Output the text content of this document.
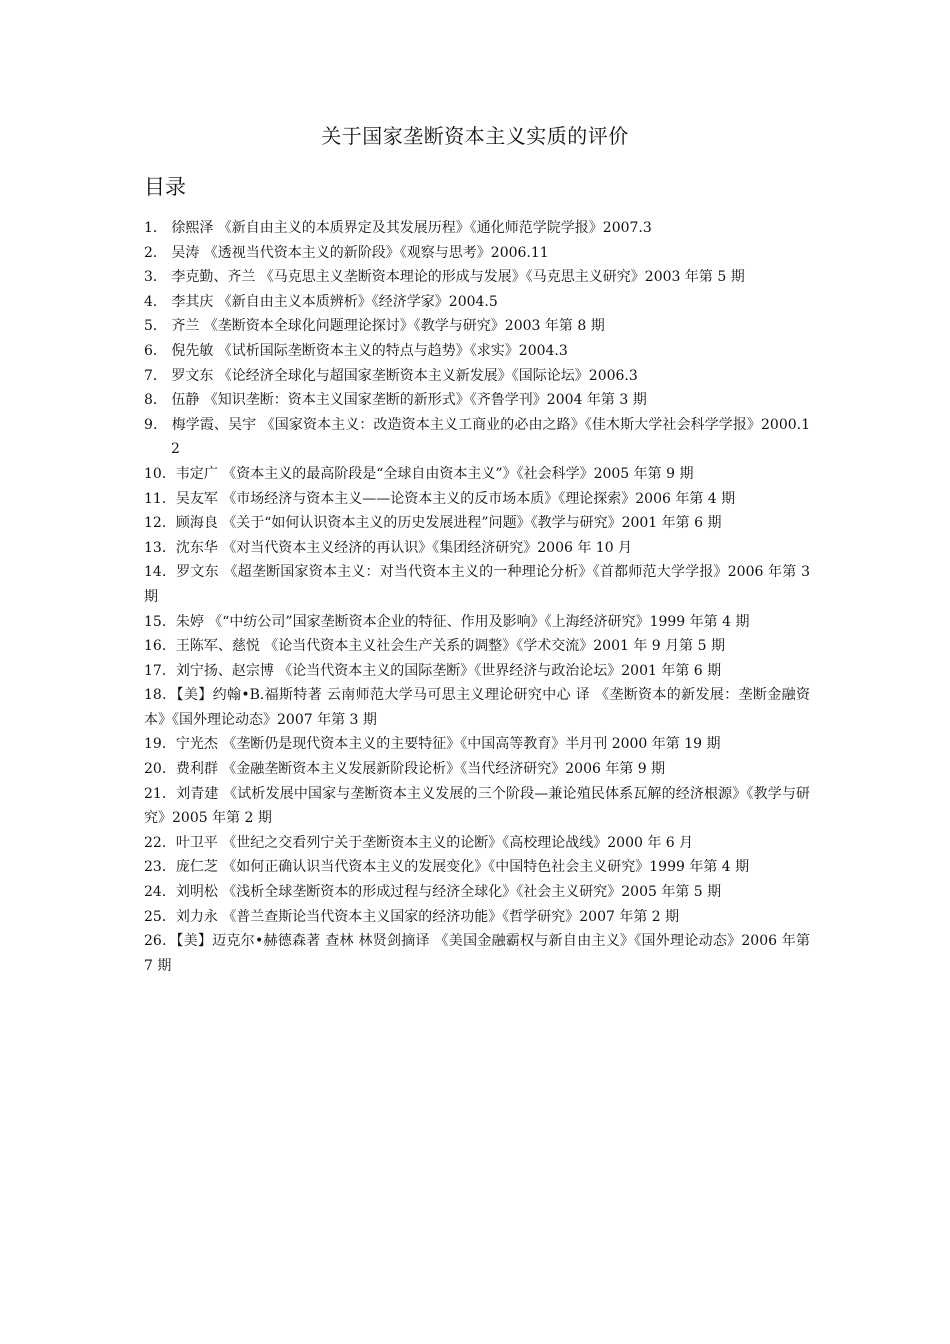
关于国家垄断资本主义实质的评价
目录
1． 徐熙泽 《新自由主义的本质界定及其发展历程》《通化师范学院学报》2007.3
2． 吴涛 《透视当代资本主义的新阶段》《观察与思考》2006.11
3． 李克勤、齐兰 《马克思主义垄断资本理论的形成与发展》《马克思主义研究》2003 年第 5 期
4． 李其庆 《新自由主义本质辨析》《经济学家》2004.5
5． 齐兰 《垄断资本全球化问题理论探讨》《教学与研究》2003 年第 8 期
6． 倪先敏 《试析国际垄断资本主义的特点与趋势》《求实》2004.3
7． 罗文东 《论经济全球化与超国家垄断资本主义新发展》《国际论坛》2006.3
8． 伍静 《知识垄断：资本主义国家垄断的新形式》《齐鲁学刊》2004 年第 3 期
9． 梅学霞、吴宇 《国家资本主义：改造资本主义工商业的必由之路》《佳木斯大学社会科学学报》2000.12
10．韦定广 《资本主义的最高阶段是“全球自由资本主义”》《社会科学》2005 年第 9 期
11．吴友军 《市场经济与资本主义——论资本主义的反市场本质》《理论探索》2006 年第 4 期
12．顾海良 《关于“如何认识资本主义的历史发展进程”问题》《教学与研究》2001 年第 6 期
13．沈东华 《对当代资本主义经济的再认识》《集团经济研究》2006 年 10 月
14．罗文东 《超垄断国家资本主义：对当代资本主义的一种理论分析》《首都师范大学学报》2006 年第 3 期
15．朱婷 《“中纺公司”国家垄断资本企业的特征、作用及影响》《上海经济研究》1999 年第 4 期
16．王陈军、慈悦 《论当代资本主义社会生产关系的调整》《学术交流》2001 年 9 月第 5 期
17．刘宁扬、赵宗博 《论当代资本主义的国际垄断》《世界经济与政治论坛》2001 年第 6 期
18．【美】约翰•B.福斯特著 云南师范大学马可思主义理论研究中心 译 《垄断资本的新发展：垄断金融资本》《国外理论动态》2007 年第 3 期
19．宁光杰 《垄断仍是现代资本主义的主要特征》《中国高等教育》半月刊 2000 年第 19 期
20．费利群 《金融垄断资本主义发展新阶段论析》《当代经济研究》2006 年第 9 期
21．刘青建 《试析发展中国家与垄断资本主义发展的三个阶段—兼论殖民体系瓦解的经济根源》《教学与研究》2005 年第 2 期
22．叶卫平 《世纪之交看列宁关于垄断资本主义的论断》《高校理论战线》2000 年 6 月
23．庞仁芝 《如何正确认识当代资本主义的发展变化》《中国特色社会主义研究》1999 年第 4 期
24．刘明松 《浅析全球垄断资本的形成过程与经济全球化》《社会主义研究》2005 年第 5 期
25．刘力永 《普兰查斯论当代资本主义国家的经济功能》《哲学研究》2007 年第 2 期
26．【美】迈克尔•赫德森著 查林 林贤剑摘译 《美国金融霸权与新自由主义》《国外理论动态》2006 年第 7 期
